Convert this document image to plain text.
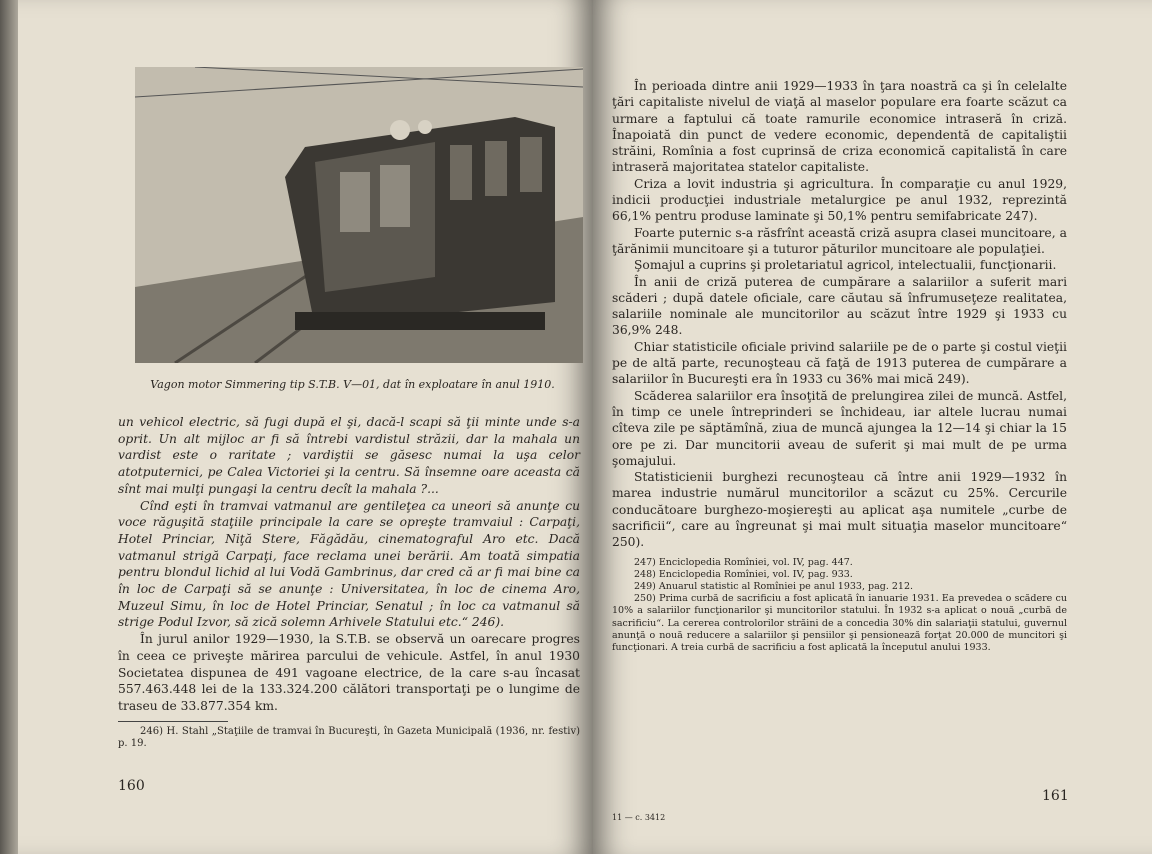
Vagon motor Simmering tip S.T.B. V—01, dat în exploatare în anul 1910.

un vehicol electric, să fugi după el şi, dacă-l scapi să ţii minte unde s-a oprit. Un alt mijloc ar fi să întrebi vardistul străzii, dar la mahala un vardist este o raritate ; vardiştii se găsesc numai la uşa celor atotputernici, pe Calea Victoriei şi la centru. Să însemne oare aceasta că sînt mai mulţi pungaşi la centru decît la mahala ?...

Cînd eşti în tramvai vatmanul are gentileţea ca uneori să anunţe cu voce răguşită staţiile principale la care se opreşte tramvaiul : Carpaţi, Hotel Princiar, Niţă Stere, Făgădău, cinematograful Aro etc. Dacă vatmanul strigă Carpaţi, face reclama unei berării. Am toată simpatia pentru blondul lichid al lui Vodă Gambrinus, dar cred că ar fi mai bine ca în loc de Carpaţi să se anunţe : Universitatea, în loc de cinema Aro, Muzeul Simu, în loc de Hotel Princiar, Senatul ; în loc ca vatmanul să strige Podul Izvor, să zică solemn Arhivele Statului etc.“ 246).

În jurul anilor 1929—1930, la S.T.B. se observă un oarecare progres în ceea ce priveşte mărirea parcului de vehicule. Astfel, în anul 1930 Societatea dispunea de 491 vagoane electrice, de la care s-au încasat 557.463.448 lei de la 133.324.200 călători transportaţi pe o lungime de traseu de 33.877.354 km.

246) H. Stahl „Staţiile de tramvai în Bucureşti, în Gazeta Municipală (1936, nr. festiv) p. 19.

160

În perioada dintre anii 1929—1933 în ţara noastră ca şi în celelalte ţări capitaliste nivelul de viaţă al maselor populare era foarte scăzut ca urmare a faptului că toate ramurile economice intraseră în criză. Înapoiată din punct de vedere economic, dependentă de capitaliştii străini, Romînia a fost cuprinsă de criza economică capitalistă în care intraseră majoritatea statelor capitaliste.

Criza a lovit industria şi agricultura. În comparaţie cu anul 1929, indicii producţiei industriale metalurgice pe anul 1932, reprezintă 66,1% pentru produse laminate şi 50,1% pentru semifabricate 247).

Foarte puternic s-a răsfrînt această criză asupra clasei muncitoare, a ţărănimii muncitoare şi a tuturor păturilor muncitoare ale populaţiei.

Şomajul a cuprins şi proletariatul agricol, intelectualii, funcţionarii.

În anii de criză puterea de cumpărare a salariilor a suferit mari scăderi ; după datele oficiale, care căutau să înfrumuseţeze realitatea, salariile nominale ale muncitorilor au scăzut între 1929 şi 1933 cu 36,9% 248.

Chiar statisticile oficiale privind salariile pe de o parte şi costul vieţii pe de altă parte, recunoşteau că faţă de 1913 puterea de cumpărare a salariilor în Bucureşti era în 1933 cu 36% mai mică 249).

Scăderea salariilor era însoţită de prelungirea zilei de muncă. Astfel, în timp ce unele întreprinderi se închideau, iar altele lucrau numai cîteva zile pe săptămînă, ziua de muncă ajungea la 12—14 şi chiar la 15 ore pe zi. Dar muncitorii aveau de suferit şi mai mult de pe urma şomajului.

Statisticienii burghezi recunoşteau că între anii 1929—1932 în marea industrie numărul muncitorilor a scăzut cu 25%. Cercurile conducătoare burghezo-moşiereşti au aplicat aşa numitele „curbe de sacrificii“, care au îngreunat şi mai mult situaţia maselor muncitoare“ 250).

247) Enciclopedia Romîniei, vol. IV, pag. 447.

248) Enciclopedia Romîniei, vol. IV, pag. 933.

249) Anuarul statistic al Romîniei pe anul 1933, pag. 212.

250) Prima curbă de sacrificiu a fost aplicată în ianuarie 1931. Ea prevedea o scădere cu 10% a salariilor funcţionarilor şi muncitorilor statului. În 1932 s-a aplicat o nouă „curbă de sacrificiu“. La cererea controlorilor străini de a concedia 30% din salariaţii statului, guvernul anunţă o nouă reducere a salariilor şi pensiilor şi pensionează forţat 20.000 de muncitori şi funcţionari. A treia curbă de sacrificiu a fost aplicată la începutul anului 1933.

11 — c. 3412
161
